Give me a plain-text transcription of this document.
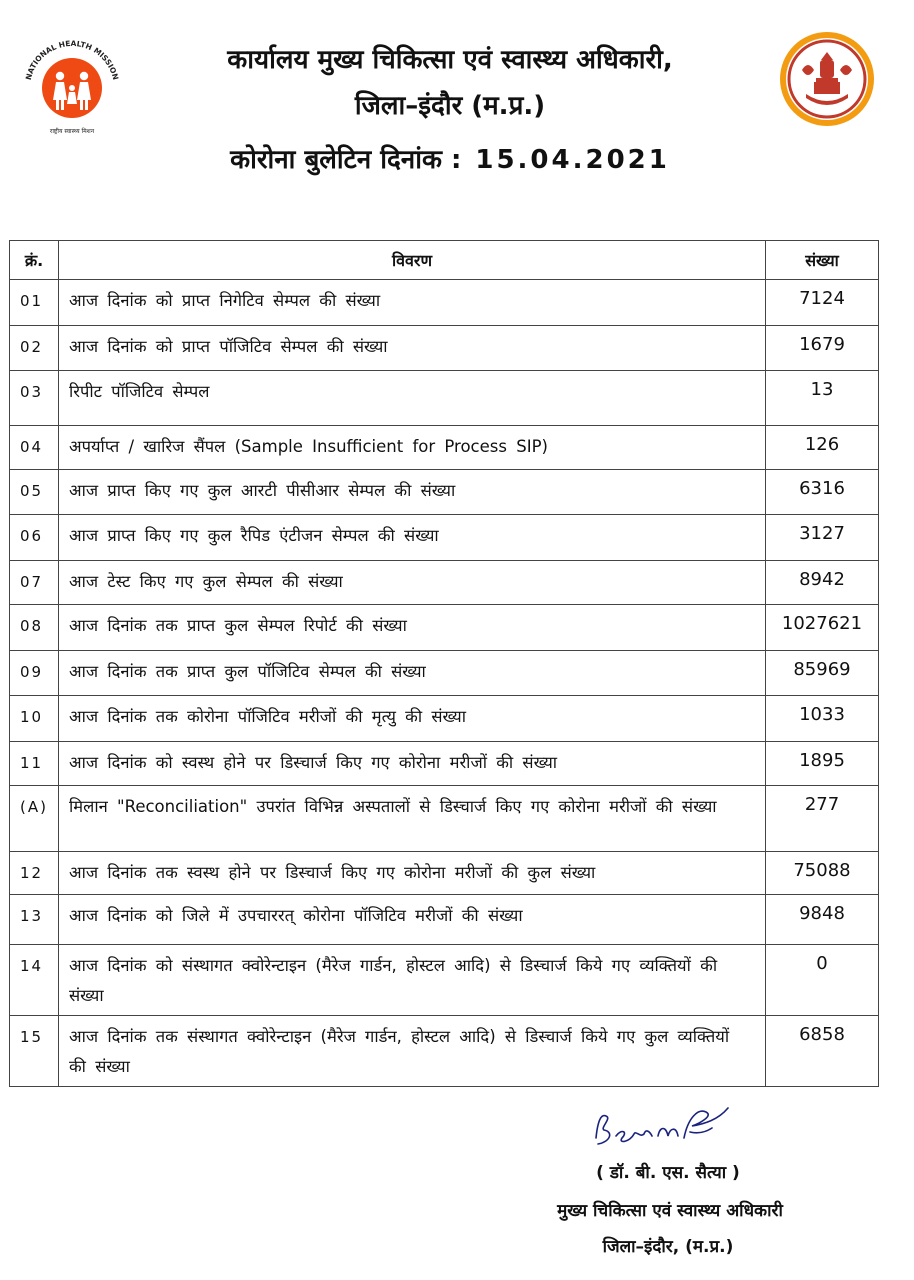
NATIONAL HEALTH MISSION
राष्ट्रीय स्वास्थ्य मिशन

कार्यालय मुख्य चिकित्सा एवं स्वास्थ्य अधिकारी,

जिला–इंदौर (म.प्र.)

कोरोना बुलेटिन दिनांक : 15.04.2021

क्रं.	विवरण	संख्या
01	आज दिनांक को प्राप्त निगेटिव सेम्पल की संख्या	7124
02	आज दिनांक को प्राप्त पॉजिटिव सेम्पल की संख्या	1679
03	रिपीट पॉजिटिव सेम्पल	13
04	अपर्याप्त / खारिज सैंपल (Sample Insufficient for Process SIP)	126
05	आज प्राप्त किए गए कुल आरटी पीसीआर सेम्पल की संख्या	6316
06	आज प्राप्त किए गए कुल रैपिड एंटीजन सेम्पल की संख्या	3127
07	आज टेस्ट किए गए कुल सेम्पल की संख्या	8942
08	आज दिनांक तक प्राप्त कुल सेम्पल रिपोर्ट की संख्या	1027621
09	आज दिनांक तक प्राप्त कुल पॉजिटिव सेम्पल की संख्या	85969
10	आज दिनांक तक कोरोना पॉजिटिव मरीजों की मृत्यु की संख्या	1033
11	आज दिनांक को स्वस्थ होने पर डिस्चार्ज किए गए कोरोना मरीजों की संख्या	1895
(A)	मिलान "Reconciliation" उपरांत विभिन्न अस्पतालों से डिस्चार्ज किए गए कोरोना मरीजों की संख्या	277
12	आज दिनांक तक स्वस्थ होने पर डिस्चार्ज किए गए कोरोना मरीजों की कुल संख्या	75088
13	आज दिनांक को जिले में उपचाररत् कोरोना पॉजिटिव मरीजों की संख्या	9848
14	आज दिनांक को संस्थागत क्वोरेन्टाइन (मैरेज गार्डन, होस्टल आदि) से डिस्चार्ज किये गए व्यक्तियों की संख्या	0
15	आज दिनांक तक संस्थागत क्वोरेन्टाइन (मैरेज गार्डन, होस्टल आदि) से डिस्चार्ज किये गए कुल व्यक्तियों की संख्या	6858
( डॉ. बी. एस. सैत्या )
मुख्य चिकित्सा एवं स्वास्थ्य अधिकारी
जिला–इंदौर, (म.प्र.)
